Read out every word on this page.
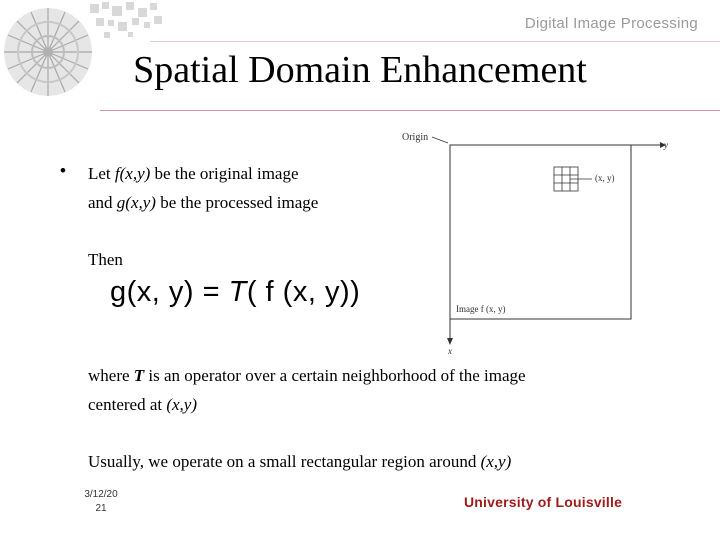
Digital Image Processing
Spatial Domain Enhancement
• Let f(x,y) be the original image
and g(x,y) be the processed image
Then
g(x, y) = T( f (x, y))
where T is an operator over a certain neighborhood of the image
centered at (x,y)
Usually, we operate on a small rectangular region around (x,y)
Origin
y
x
(x, y)
Image f (x, y)
3/12/20
21	University of Louisville
